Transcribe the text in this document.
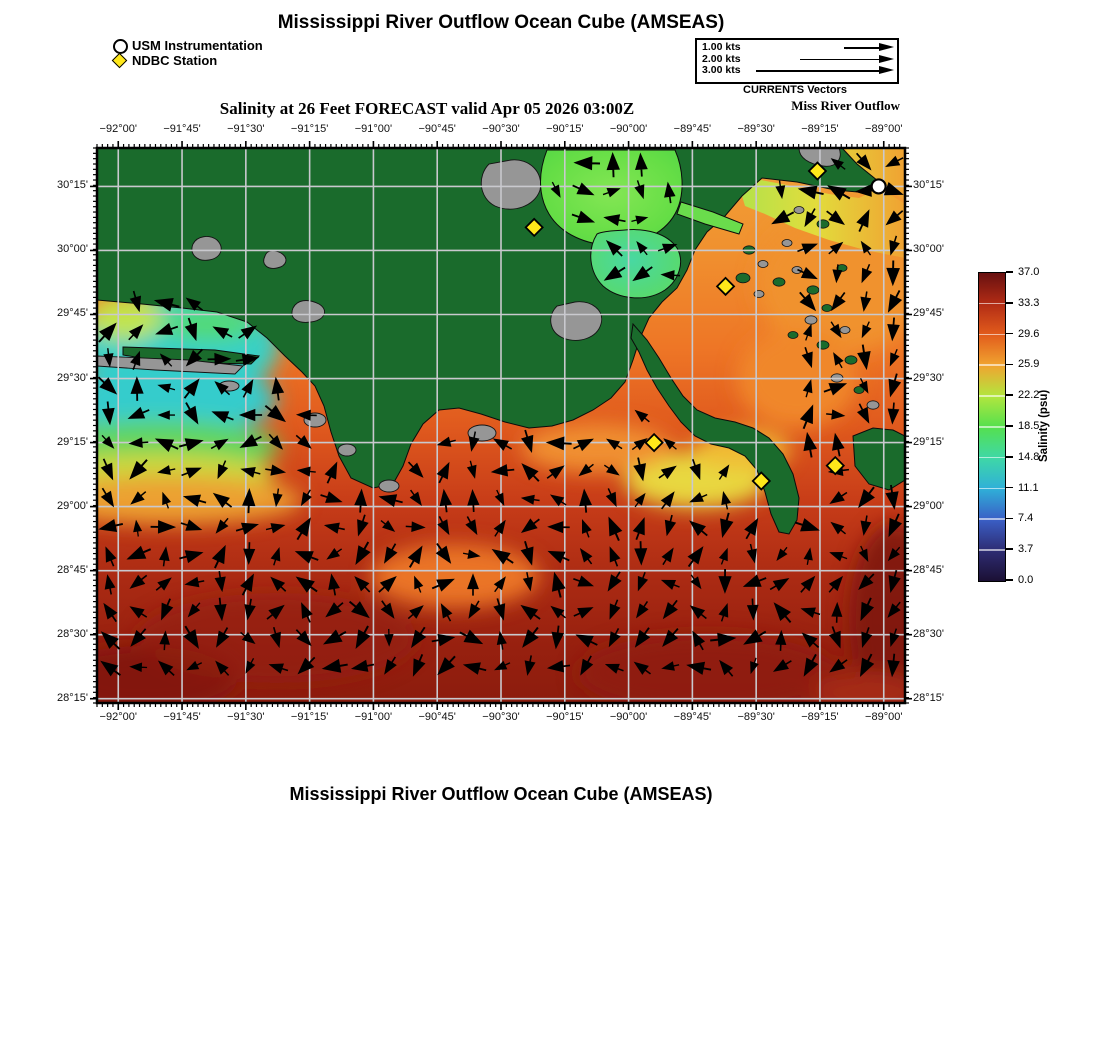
Mississippi River Outflow Ocean Cube (AMSEAS)
USM Instrumentation
NDBC Station
1.00 kts
2.00 kts
3.00 kts
CURRENTS Vectors
Salinity at 26 Feet FORECAST valid Apr 05 2026 03:00Z	Miss River Outflow
Salinity (psu)
Mississippi River Outflow Ocean Cube (AMSEAS)
−92°00'
−92°00'
−91°45'
−91°45'
−91°30'
−91°30'
−91°15'
−91°15'
−91°00'
−91°00'
−90°45'
−90°45'
−90°30'
−90°30'
−90°15'
−90°15'
−90°00'
−90°00'
−89°45'
−89°45'
−89°30'
−89°30'
−89°15'
−89°15'
−89°00'
−89°00'
30°15'	30°15'
30°00'	30°00'
29°45'	29°45'
29°30'	29°30'
29°15'	29°15'
29°00'	29°00'
28°45'	28°45'
28°30'	28°30'
28°15'	28°15'
0.0
3.7
7.4
11.1
14.8
18.5
22.2
25.9
29.6
33.3
37.0
